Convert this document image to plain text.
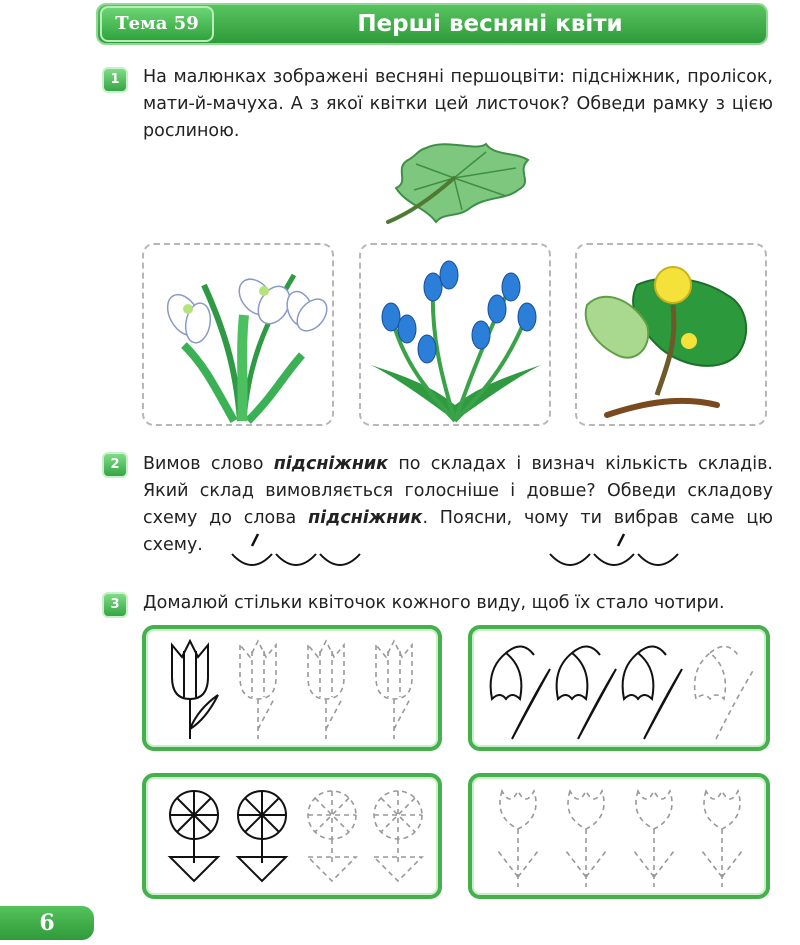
Тема 59	Перші весняні квіти
1	На малюнках зображені весняні першоцвіти: підсніжник, пролісок, мати-й-мачуха. А з якої квітки цей листочок? Обведи рамку з цією рослиною.
2	Вимов слово підсніжник по складах і визнач кількість складів. Який склад вимовляється голосніше і довше? Обведи складову схему до слова підсніжник. Поясни, чому ти вибрав саме цю схему.
3	Домалюй стільки квіточок кожного виду, щоб їх стало чотири.
6
